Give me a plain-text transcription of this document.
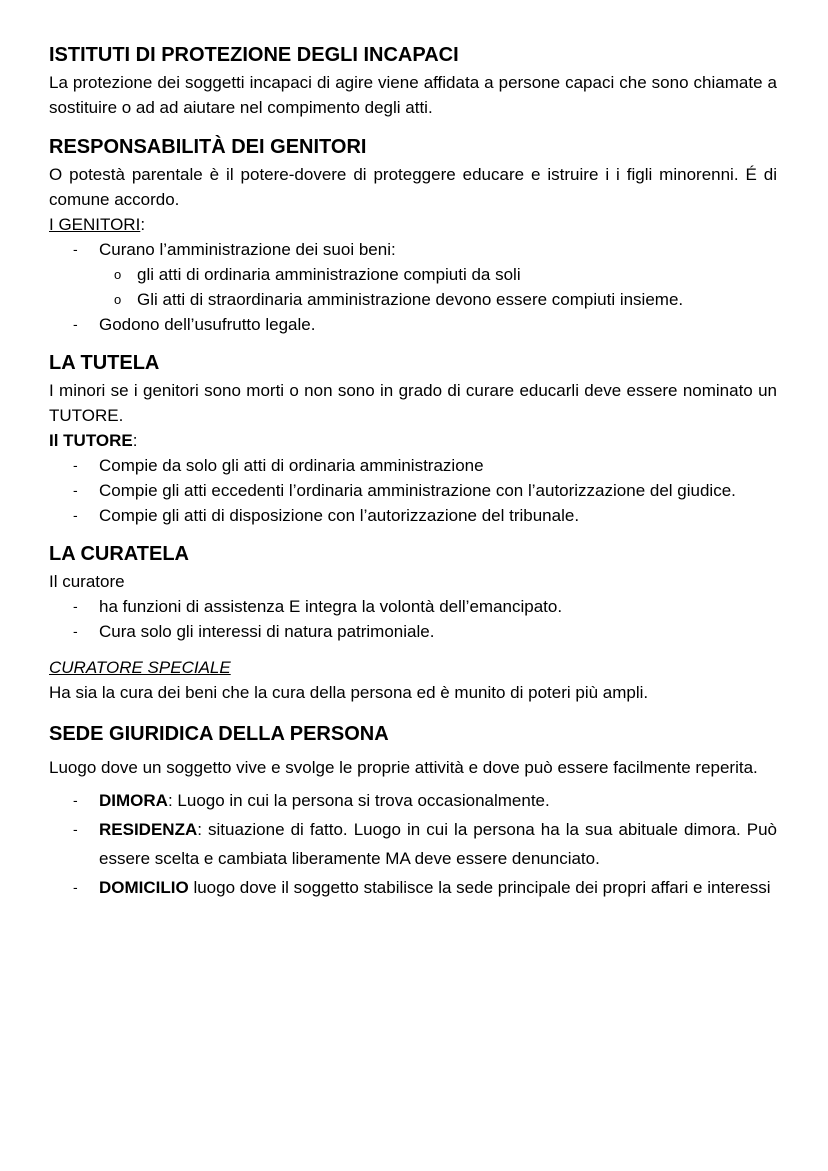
ISTITUTI DI PROTEZIONE DEGLI INCAPACI

La protezione dei soggetti incapaci di agire viene affidata a persone capaci che sono chiamate a sostituire o ad ad aiutare nel compimento degli atti.

RESPONSABILITÀ DEI GENITORI

O potestà parentale è il potere-dovere di proteggere educare e istruire i i figli minorenni. É di comune accordo.

I GENITORI:
- Curano l’amministrazione dei suoi beni:
o gli atti di ordinaria amministrazione compiuti da soli
o Gli atti di straordinaria amministrazione devono essere compiuti insieme.
- Godono dell’usufrutto legale.
LA TUTELA

I minori se i genitori sono morti o non sono in grado di curare educarli deve essere nominato un TUTORE.

Il TUTORE:
- Compie da solo gli atti di ordinaria amministrazione
- Compie gli atti eccedenti l’ordinaria amministrazione con l’autorizzazione del giudice.
- Compie gli atti di disposizione con l’autorizzazione del tribunale.
LA CURATELA

Il curatore

- ha funzioni di assistenza E integra la volontà dell’emancipato.
- Cura solo gli interessi di natura patrimoniale.
CURATORE SPECIALE

Ha sia la cura dei beni che la cura della persona ed è munito di poteri più ampli.

SEDE GIURIDICA DELLA PERSONA

Luogo dove un soggetto vive e svolge le proprie attività e dove può essere facilmente reperita.

- DIMORA: Luogo in cui la persona si trova occasionalmente.
- RESIDENZA: situazione di fatto. Luogo in cui la persona ha la sua abituale dimora. Può essere scelta e cambiata liberamente MA deve essere denunciato.
- DOMICILIO luogo dove il soggetto stabilisce la sede principale dei propri affari e interessi
